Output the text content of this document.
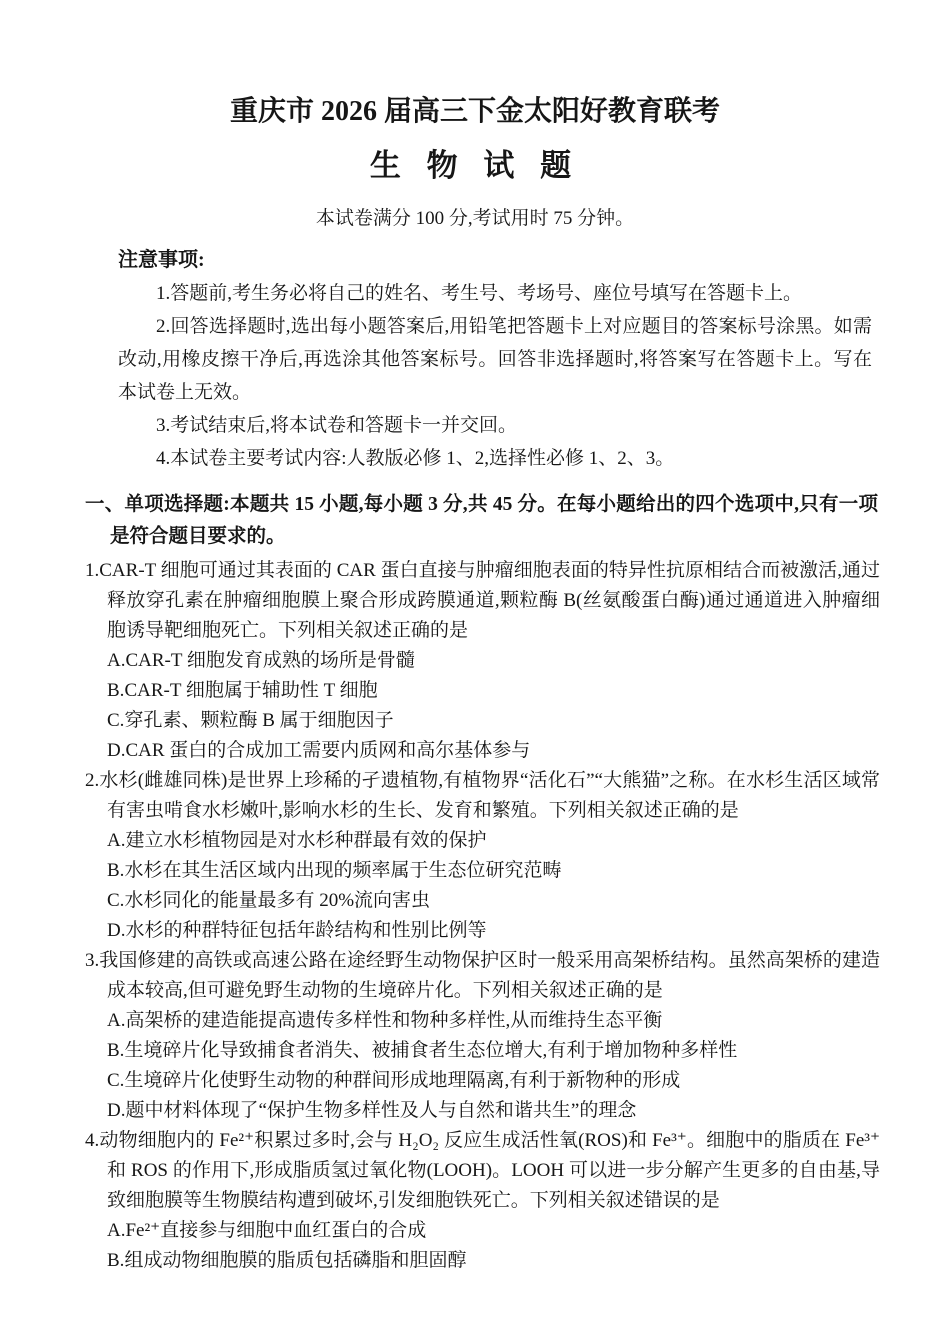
重庆市 2026 届高三下金太阳好教育联考
生 物 试 题

本试卷满分 100 分,考试用时 75 分钟。

注意事项:

1.答题前,考生务必将自己的姓名、考生号、考场号、座位号填写在答题卡上。

2.回答选择题时,选出每小题答案后,用铅笔把答题卡上对应题目的答案标号涂黑。如需改动,用橡皮擦干净后,再选涂其他答案标号。回答非选择题时,将答案写在答题卡上。写在本试卷上无效。

3.考试结束后,将本试卷和答题卡一并交回。

4.本试卷主要考试内容:人教版必修 1、2,选择性必修 1、2、3。

一、单项选择题:本题共 15 小题,每小题 3 分,共 45 分。在每小题给出的四个选项中,只有一项是符合题目要求的。

1.CAR-T 细胞可通过其表面的 CAR 蛋白直接与肿瘤细胞表面的特异性抗原相结合而被激活,通过释放穿孔素在肿瘤细胞膜上聚合形成跨膜通道,颗粒酶 B(丝氨酸蛋白酶)通过通道进入肿瘤细胞诱导靶细胞死亡。下列相关叙述正确的是

A.CAR-T 细胞发育成熟的场所是骨髓

B.CAR-T 细胞属于辅助性 T 细胞

C.穿孔素、颗粒酶 B 属于细胞因子

D.CAR 蛋白的合成加工需要内质网和高尔基体参与

2.水杉(雌雄同株)是世界上珍稀的孑遗植物,有植物界“活化石”“大熊猫”之称。在水杉生活区域常有害虫啃食水杉嫩叶,影响水杉的生长、发育和繁殖。下列相关叙述正确的是

A.建立水杉植物园是对水杉种群最有效的保护

B.水杉在其生活区域内出现的频率属于生态位研究范畴

C.水杉同化的能量最多有 20%流向害虫

D.水杉的种群特征包括年龄结构和性别比例等

3.我国修建的高铁或高速公路在途经野生动物保护区时一般采用高架桥结构。虽然高架桥的建造成本较高,但可避免野生动物的生境碎片化。下列相关叙述正确的是

A.高架桥的建造能提高遗传多样性和物种多样性,从而维持生态平衡

B.生境碎片化导致捕食者消失、被捕食者生态位增大,有利于增加物种多样性

C.生境碎片化使野生动物的种群间形成地理隔离,有利于新物种的形成

D.题中材料体现了“保护生物多样性及人与自然和谐共生”的理念

4.动物细胞内的 Fe²⁺积累过多时,会与 H₂O₂ 反应生成活性氧(ROS)和 Fe³⁺。细胞中的脂质在 Fe³⁺和 ROS 的作用下,形成脂质氢过氧化物(LOOH)。LOOH 可以进一步分解产生更多的自由基,导致细胞膜等生物膜结构遭到破坏,引发细胞铁死亡。下列相关叙述错误的是

A.Fe²⁺直接参与细胞中血红蛋白的合成

B.组成动物细胞膜的脂质包括磷脂和胆固醇
